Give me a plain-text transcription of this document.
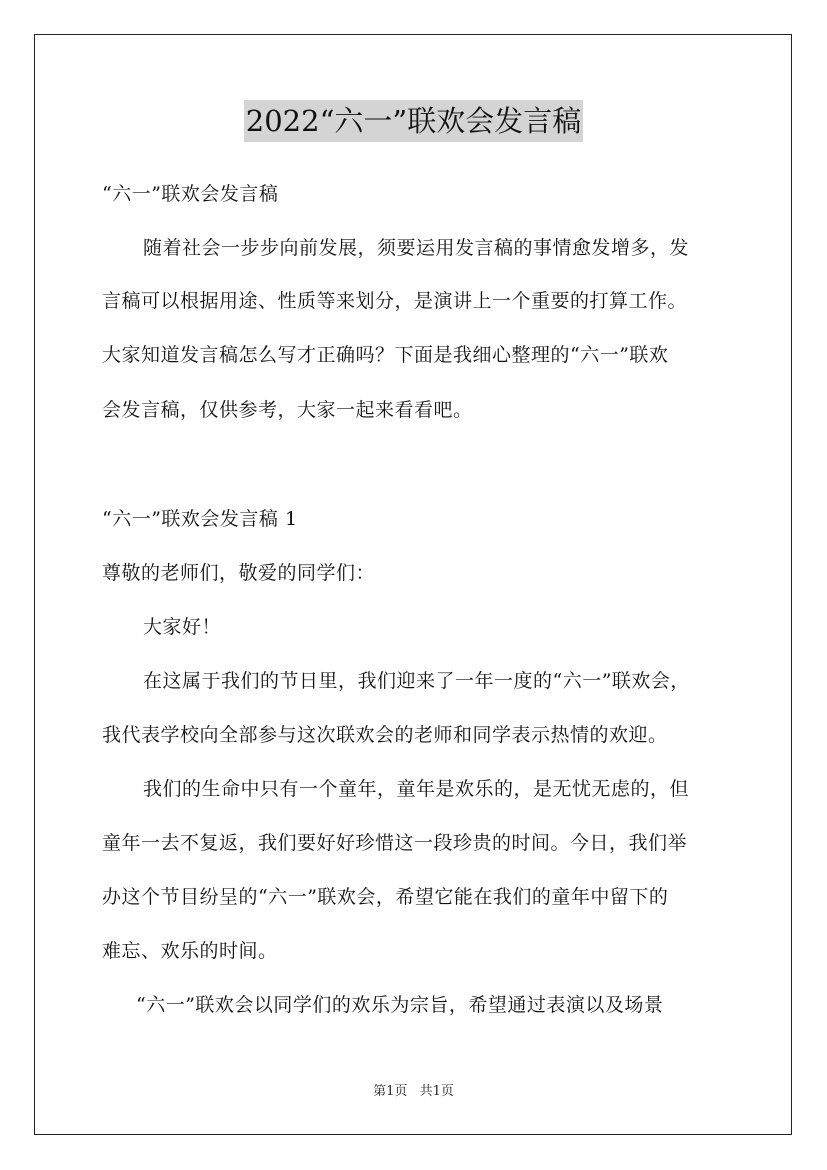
2022“六一”联欢会发言稿
“六一”联欢会发言稿
随着社会一步步向前发展，须要运用发言稿的事情愈发增多，发
言稿可以根据用途、性质等来划分，是演讲上一个重要的打算工作。
大家知道发言稿怎么写才正确吗？下面是我细心整理的“六一”联欢
会发言稿，仅供参考，大家一起来看看吧。
“六一”联欢会发言稿 1
尊敬的老师们，敬爱的同学们：
大家好！
在这属于我们的节日里，我们迎来了一年一度的“六一”联欢会，
我代表学校向全部参与这次联欢会的老师和同学表示热情的欢迎。
我们的生命中只有一个童年，童年是欢乐的，是无忧无虑的，但
童年一去不复返，我们要好好珍惜这一段珍贵的时间。今日，我们举
办这个节目纷呈的“六一”联欢会，希望它能在我们的童年中留下的
难忘、欢乐的时间。
“六一”联欢会以同学们的欢乐为宗旨，希望通过表演以及场景
第1页 共1页
